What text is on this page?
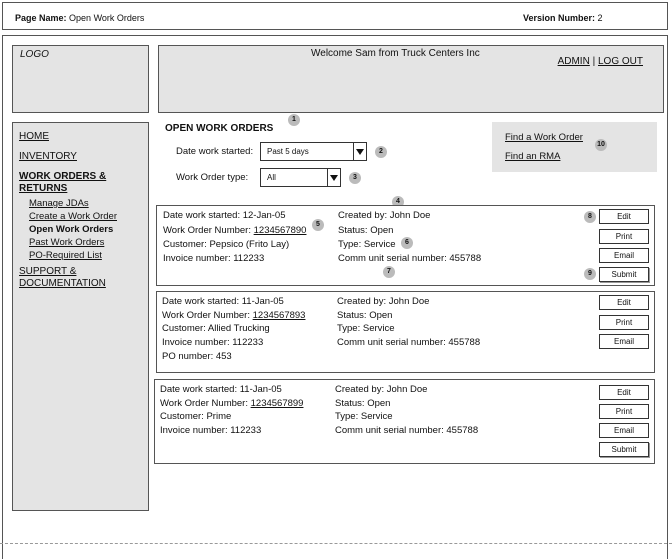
Page Name: Open Work Orders	Version Number: 2
LOGO	Welcome Sam from Truck Centers Inc
ADMIN | LOG OUT
HOME
INVENTORY
WORK ORDERS &
RETURNS
Manage JDAs
Create a Work Order
Open Work Orders
Past Work Orders
PO-Required List
SUPPORT &
DOCUMENTATION
OPEN WORK ORDERS
1
Date work started: Past 5 days	2
Work Order type: All	3
Find a Work Order
Find an RMA
10
4
Date work started: 12-Jan-05
Work Order Number: 1234567890
Customer: Pepsico (Frito Lay)
Invoice number: 112233
Created by: John Doe
Status: Open
Type: Service
Comm unit serial number: 455788
Edit
Print
Email
Submit
5
6
7
8
9
Date work started: 11-Jan-05
Work Order Number: 1234567893
Customer: Allied Trucking
Invoice number: 112233
PO number: 453
Created by: John Doe
Status: Open
Type: Service
Comm unit serial number: 455788
Edit
Print
Email
Date work started: 11-Jan-05
Work Order Number: 1234567899
Customer: Prime
Invoice number: 112233
Created by: John Doe
Status: Open
Type: Service
Comm unit serial number: 455788
Edit
Print
Email
Submit
